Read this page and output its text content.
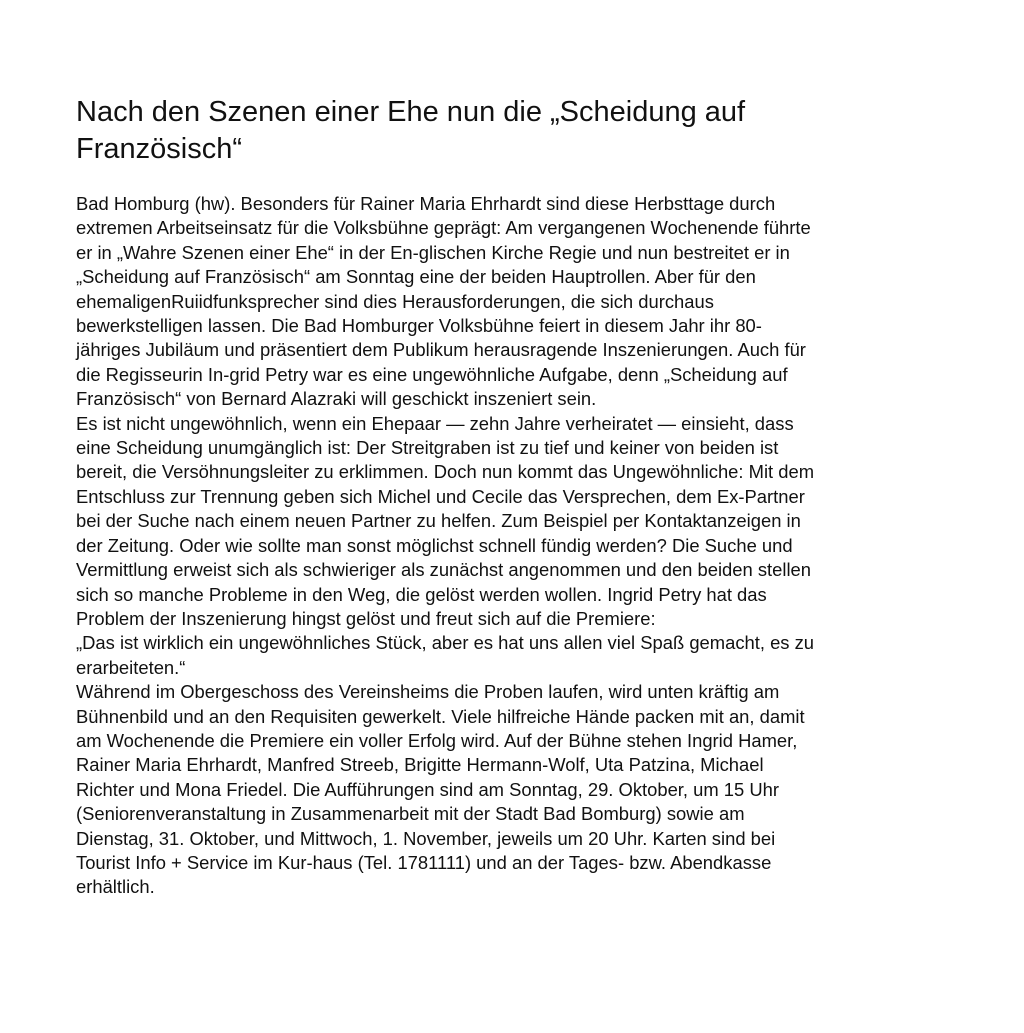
Nach den Szenen einer Ehe nun die „Scheidung auf
Französisch“
Bad Homburg (hw). Besonders für Rainer Maria Ehrhardt sind diese Herbsttage durch
extremen Arbeitseinsatz für die Volksbühne geprägt: Am vergangenen Wochenende führte
er in „Wahre Szenen einer Ehe“ in der En-glischen Kirche Regie und nun bestreitet er in
„Scheidung auf Französisch“ am Sonntag eine der beiden Hauptrollen. Aber für den
ehemaligenRuiidfunksprecher sind dies Herausforderungen, die sich durchaus
bewerkstelligen lassen. Die Bad Homburger Volksbühne feiert in diesem Jahr ihr 80-
jähriges Jubiläum und präsentiert dem Publikum herausragende Inszenierungen. Auch für
die Regisseurin In-grid Petry war es eine ungewöhnliche Aufgabe, denn „Scheidung auf
Französisch“ von Bernard Alazraki will geschickt inszeniert sein.
Es ist nicht ungewöhnlich, wenn ein Ehepaar — zehn Jahre verheiratet — einsieht, dass
eine Scheidung unumgänglich ist: Der Streitgraben ist zu tief und keiner von beiden ist
bereit, die Versöhnungsleiter zu erklimmen. Doch nun kommt das Ungewöhnliche: Mit dem
Entschluss zur Trennung geben sich Michel und Cecile das Versprechen, dem Ex-Partner
bei der Suche nach einem neuen Partner zu helfen. Zum Beispiel per Kontaktanzeigen in
der Zeitung. Oder wie sollte man sonst möglichst schnell fündig werden? Die Suche und
Vermittlung erweist sich als schwieriger als zunächst angenommen und den beiden stellen
sich so manche Probleme in den Weg, die gelöst werden wollen. Ingrid Petry hat das
Problem der Inszenierung hingst gelöst und freut sich auf die Premiere:
„Das ist wirklich ein ungewöhnliches Stück, aber es hat uns allen viel Spaß gemacht, es zu
erarbeiteten.“
Während im Obergeschoss des Vereinsheims die Proben laufen, wird unten kräftig am
Bühnenbild und an den Requisiten gewerkelt. Viele hilfreiche Hände packen mit an, damit
am Wochenende die Premiere ein voller Erfolg wird. Auf der Bühne stehen Ingrid Hamer,
Rainer Maria Ehrhardt, Manfred Streeb, Brigitte Hermann-Wolf, Uta Patzina, Michael
Richter und Mona Friedel. Die Aufführungen sind am Sonntag, 29. Oktober, um 15 Uhr
(Seniorenveranstaltung in Zusammenarbeit mit der Stadt Bad Bomburg) sowie am
Dienstag, 31. Oktober, und Mittwoch, 1. November, jeweils um 20 Uhr. Karten sind bei
Tourist Info + Service im Kur-haus (Tel. 1781111) und an der Tages- bzw. Abendkasse
erhältlich.
